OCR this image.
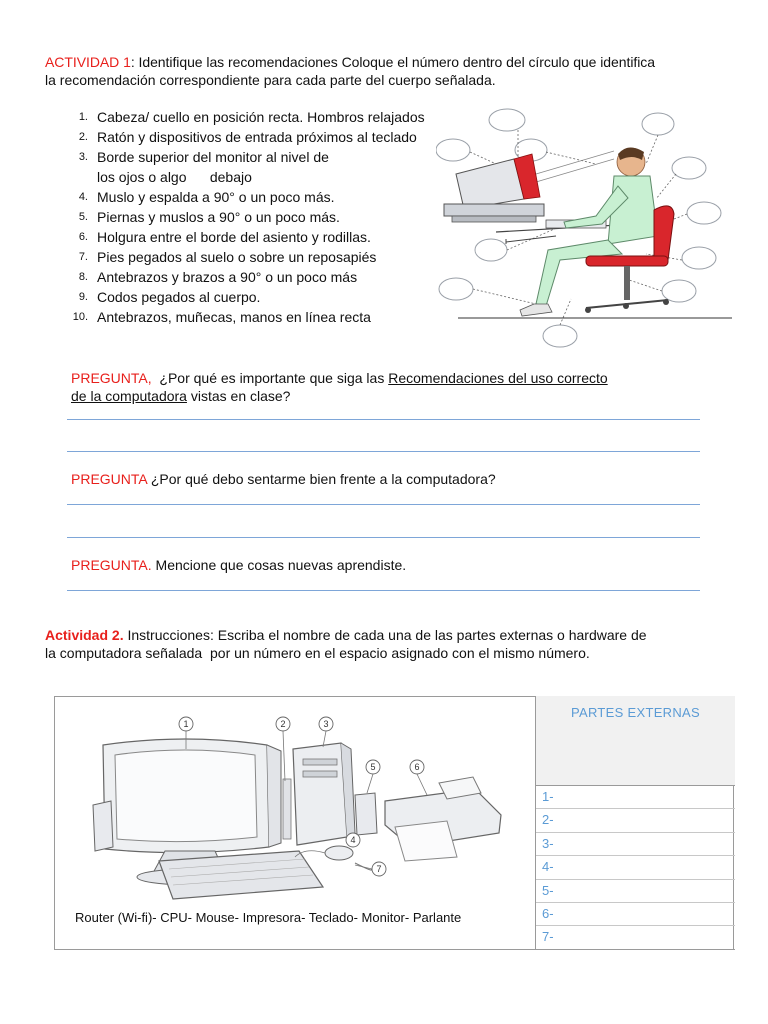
ACTIVIDAD 1: Identifique las recomendaciones Coloque el número dentro del círculo que identifica
la recomendación correspondiente para cada parte del cuerpo señalada.
1. Cabeza/ cuello en posición recta. Hombros relajados
2. Ratón y dispositivos de entrada próximos al teclado
3. Borde superior del monitor al nivel de
los ojos o algo      debajo
4. Muslo y espalda a 90° o un poco más.
5. Piernas y muslos a 90° o un poco más.
6. Holgura entre el borde del asiento y rodillas.
7. Pies pegados al suelo o sobre un reposapiés
8. Antebrazos y brazos a 90° o un poco más
9. Codos pegados al cuerpo.
10. Antebrazos, muñecas, manos en línea recta
PREGUNTA,  ¿Por qué es importante que siga las Recomendaciones del uso correcto
de la computadora vistas en clase?
PREGUNTA ¿Por qué debo sentarme bien frente a la computadora?
PREGUNTA. Mencione que cosas nuevas aprendiste.
Actividad 2. Instrucciones: Escriba el nombre de cada una de las partes externas o hardware de
la computadora señalada  por un número en el espacio asignado con el mismo número.
1	2	3
4
5	6
7
Router (Wi-fi)- CPU- Mouse- Impresora- Teclado- Monitor- Parlante
PARTES EXTERNAS
1-
2-
3-
4-
5-
6-
7-
